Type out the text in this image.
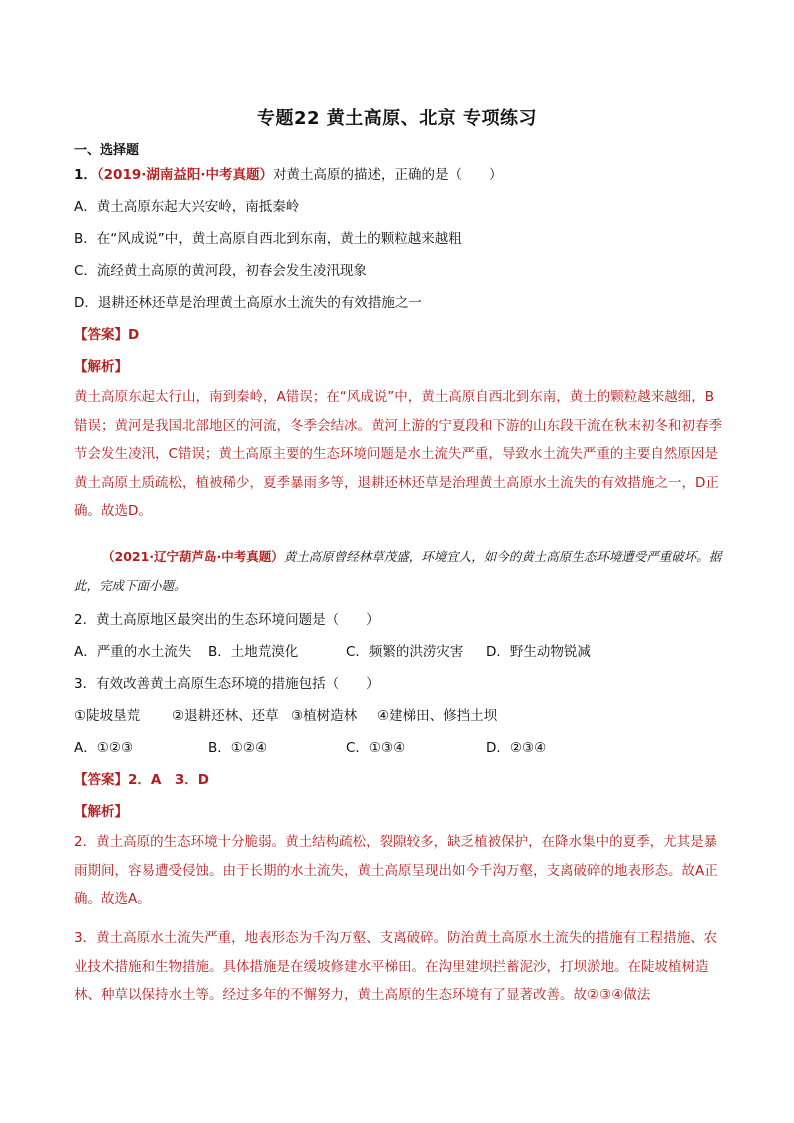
专题22 黄土高原、北京 专项练习
一、选择题
1．（2019·湖南益阳·中考真题）对黄土高原的描述，正确的是（　　）
A．黄土高原东起大兴安岭，南抵秦岭
B．在“风成说”中，黄土高原自西北到东南，黄土的颗粒越来越粗
C．流经黄土高原的黄河段，初春会发生凌汛现象
D．退耕还林还草是治理黄土高原水土流失的有效措施之一
【答案】D
【解析】
黄土高原东起太行山，南到秦岭，A错误；在“风成说”中，黄土高原自西北到东南，黄土的颗粒越来越细，B错误；黄河是我国北部地区的河流，冬季会结冰。黄河上游的宁夏段和下游的山东段干流在秋末初冬和初春季节会发生凌汛，C错误；黄土高原主要的生态环境问题是水土流失严重，导致水土流失严重的主要自然原因是黄土高原土质疏松，植被稀少，夏季暴雨多等，退耕还林还草是治理黄土高原水土流失的有效措施之一，D正确。故选D。
（2021·辽宁葫芦岛·中考真题）黄土高原曾经林草茂盛，环境宜人，如今的黄土高原生态环境遭受严重破坏。据此，完成下面小题。
2．黄土高原地区最突出的生态环境问题是（　　）
A．严重的水土流失 B．土地荒漠化	C．频繁的洪涝灾害 D．野生动物锐减
3．有效改善黄土高原生态环境的措施包括（　　）
①陡坡垦荒 ②退耕还林、还草 ③植树造林 ④建梯田、修挡土坝
A．①②③	B．①②④	C．①③④	D．②③④
【答案】2．A　3．D
【解析】
2．黄土高原的生态环境十分脆弱。黄土结构疏松，裂隙较多，缺乏植被保护，在降水集中的夏季，尤其是暴雨期间，容易遭受侵蚀。由于长期的水土流失，黄土高原呈现出如今千沟万壑，支离破碎的地表形态。故A正确。故选A。
3．黄土高原水土流失严重，地表形态为千沟万壑、支离破碎。防治黄土高原水土流失的措施有工程措施、农业技术措施和生物措施。具体措施是在缓坡修建水平梯田。在沟里建坝拦蓄泥沙，打坝淤地。在陡坡植树造林、种草以保持水土等。经过多年的不懈努力，黄土高原的生态环境有了显著改善。故②③④做法
